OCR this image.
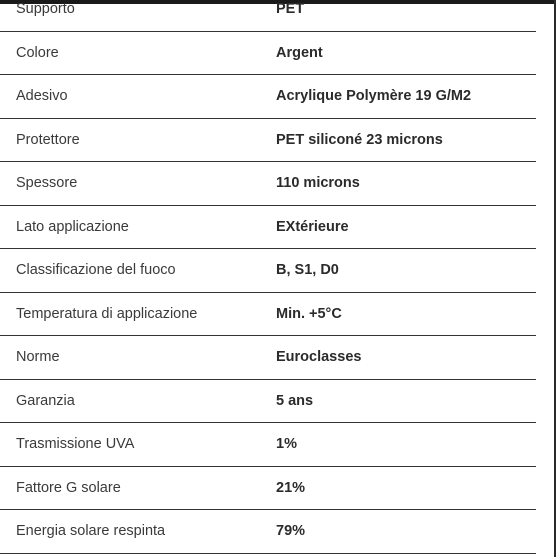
Supporto	PET
Colore	Argent
Adesivo	Acrylique Polymère 19 G/M2
Protettore	PET siliconé 23 microns
Spessore	110 microns
Lato applicazione	EXtérieure
Classificazione del fuoco	B, S1, D0
Temperatura di applicazione	Min. +5°C
Norme	Euroclasses
Garanzia	5 ans
Trasmissione UVA	1%
Fattore G solare	21%
Energia solare respinta	79%
